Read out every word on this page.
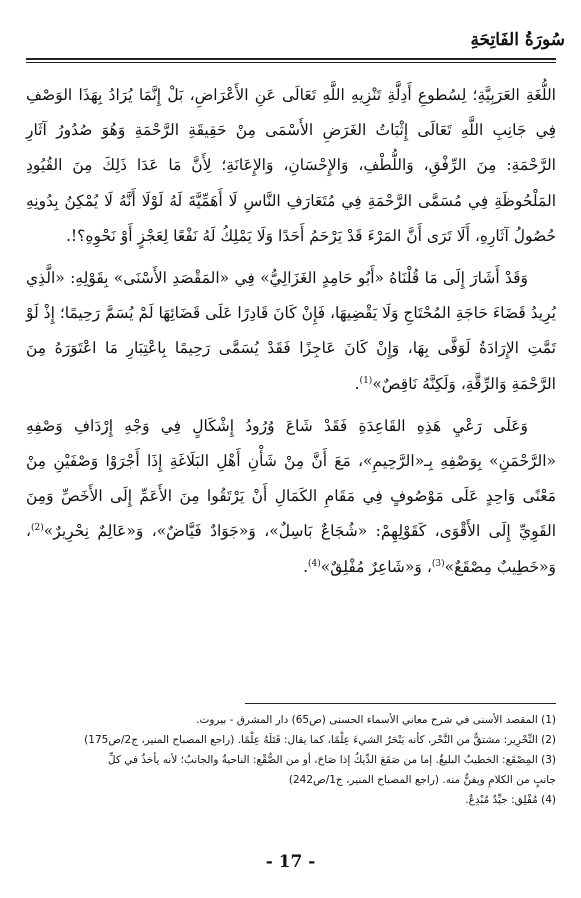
سُورَةُ الفَاتِحَةِ

اللُّغَةِ العَرَبِيَّةِ؛ لِسُطوعِ أَدِلَّةِ تَنْزِيهِ اللَّهِ تَعَالَى عَنِ الأَعْرَاضِ، بَلْ إِنَّمَا يُرَادُ بِهَذَا الوَصْفِ فِي جَانِبِ اللَّهِ تَعَالَى إِثْبَاتُ الغَرَضِ الأَسْمَى مِنْ حَقِيقَةِ الرَّحْمَةِ وَهُوَ صُدُورُ آثَارِ الرَّحْمَةِ: مِنَ الرِّفْقِ، وَاللُّطْفِ، وَالإِحْسَانِ، وَالإِعَانَةِ؛ لِأَنَّ مَا عَدَا ذَلِكَ مِنَ القُيُودِ المَلْحُوظَةِ فِي مُسَمَّى الرَّحْمَةِ فِي مُتَعَارَفِ النَّاسِ لَا أَهَمِّيَّةَ لَهُ لَوْلَا أَنَّهُ لَا يُمْكِنُ بِدُونِهِ حُصُولُ آثَارِهِ، أَلَا تَرَى أَنَّ المَرْءَ قَدْ يَرْحَمُ أَحَدًا وَلَا يَمْلِكُ لَهُ نَفْعًا لِعَجْزٍ أَوْ نَحْوِهِ؟!.

وَقَدْ أَشَارَ إِلَى مَا قُلْنَاهُ «أَبُو حَامِدٍ الغَزَالِيُّ» فِي «المَقْصَدِ الأَسْنَى» بِقَوْلِهِ: «الَّذِي يُرِيدُ قَضَاءَ حَاجَةِ المُحْتَاجِ وَلَا يَقْضِيهَا، فَإِنْ كَانَ قَادِرًا عَلَى قَضَائِهَا لَمْ يُسَمَّ رَحِيمًا؛ إِذْ لَوْ تَمَّتِ الإِرَادَةُ لَوَفَّى بِهَا، وَإِنْ كَانَ عَاجِزًا فَقَدْ يُسَمَّى رَحِيمًا بِاعْتِبَارِ مَا اعْتَوَرَهُ مِنَ الرَّحْمَةِ وَالرِّقَّةِ، وَلَكِنَّهُ نَاقِصٌ»$^{(1)}$.

وَعَلَى رَعْيِ هَذِهِ القَاعِدَةِ فَقَدْ شَاعَ وُرُودُ إِشْكَالٍ فِي وَجْهِ إِرْدَافِ وَصْفِهِ «الرَّحْمَنِ» بِوَصْفِهِ بِـ«الرَّحِيمِ»، مَعَ أَنَّ مِنْ شَأْنِ أَهْلِ البَلَاغَةِ إِذَا أَجْرَوْا وَصْفَيْنِ مِنْ مَعْنًى وَاحِدٍ عَلَى مَوْصُوفٍ فِي مَقَامِ الكَمَالِ أَنْ يَرْتَقُوا مِنَ الأَعَمِّ إِلَى الأَخَصِّ وَمِنَ القَوِيِّ إِلَى الأَقْوَى، كَقَوْلِهِمْ: «شُجَاعٌ بَاسِلٌ»، وَ«جَوَادٌ فَيَّاضٌ»، وَ«عَالِمٌ نِحْرِيرٌ»$^{(2)}$، وَ«خَطِيبٌ مِصْقَعٌ»$^{(3)}$، وَ«شَاعِرٌ مُفْلِقٌ»$^{(4)}$.

(1) المقصد الأسنى في شرح معاني الأسماء الحسنى (ص65) دار المشرق - بيروت.
(2) النِّحْرِير: مشتقٌّ من النَّحْر، كأنه يَنْحَرُ الشيءَ عِلْمًا، كما يقال: قَتَلَهُ عِلْمًا. (راجع المصباح المنير، ج2/ص175)
(3) المِصْقَع: الخطيبُ البليغُ. إما من صَقَعَ الدِّيكُ إذا صَاحَ، أو من الصُّقْع: الناحيةُ والجانبُ؛ لأنه يأخذُ في كلِّ
جانبٍ من الكلامِ ويفنُّ منه. (راجع المصباح المنير، ج1/ص242)
(4) مُفْلِق: جيِّدٌ مُبْدِعٌ.
- 17 -
